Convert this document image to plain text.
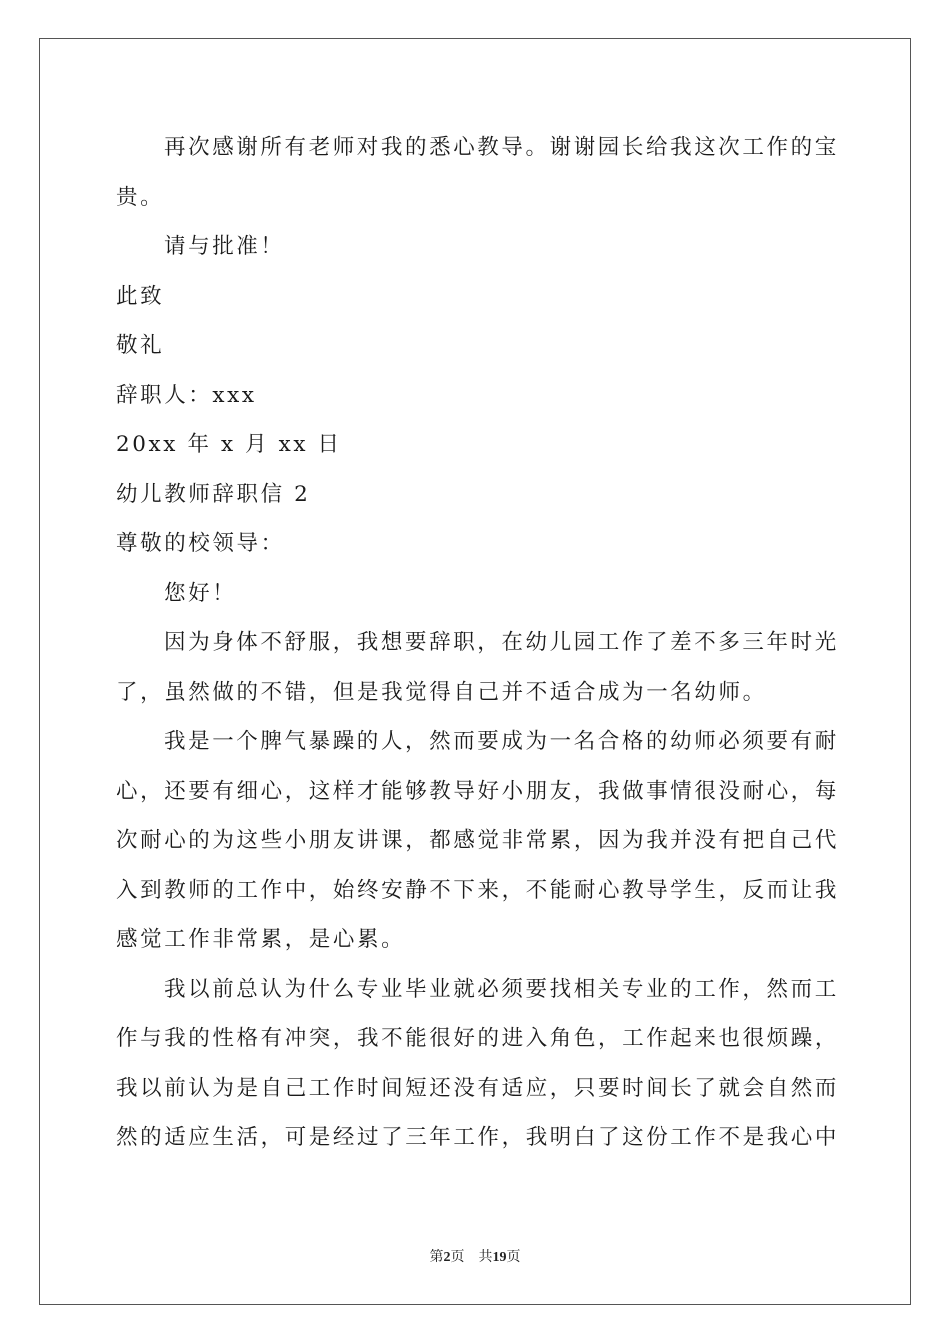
再次感谢所有老师对我的悉心教导。谢谢园长给我这次工作的宝
贵。
请与批准！
此致
敬礼
辞职人：xxx
20xx 年 x 月 xx 日
幼儿教师辞职信 2
尊敬的校领导：
您好！
因为身体不舒服，我想要辞职，在幼儿园工作了差不多三年时光
了，虽然做的不错，但是我觉得自己并不适合成为一名幼师。
我是一个脾气暴躁的人，然而要成为一名合格的幼师必须要有耐
心，还要有细心，这样才能够教导好小朋友，我做事情很没耐心，每
次耐心的为这些小朋友讲课，都感觉非常累，因为我并没有把自己代
入到教师的工作中，始终安静不下来，不能耐心教导学生，反而让我
感觉工作非常累，是心累。
我以前总认为什么专业毕业就必须要找相关专业的工作，然而工
作与我的性格有冲突，我不能很好的进入角色，工作起来也很烦躁，
我以前认为是自己工作时间短还没有适应，只要时间长了就会自然而
然的适应生活，可是经过了三年工作，我明白了这份工作不是我心中
第2页 共19页
